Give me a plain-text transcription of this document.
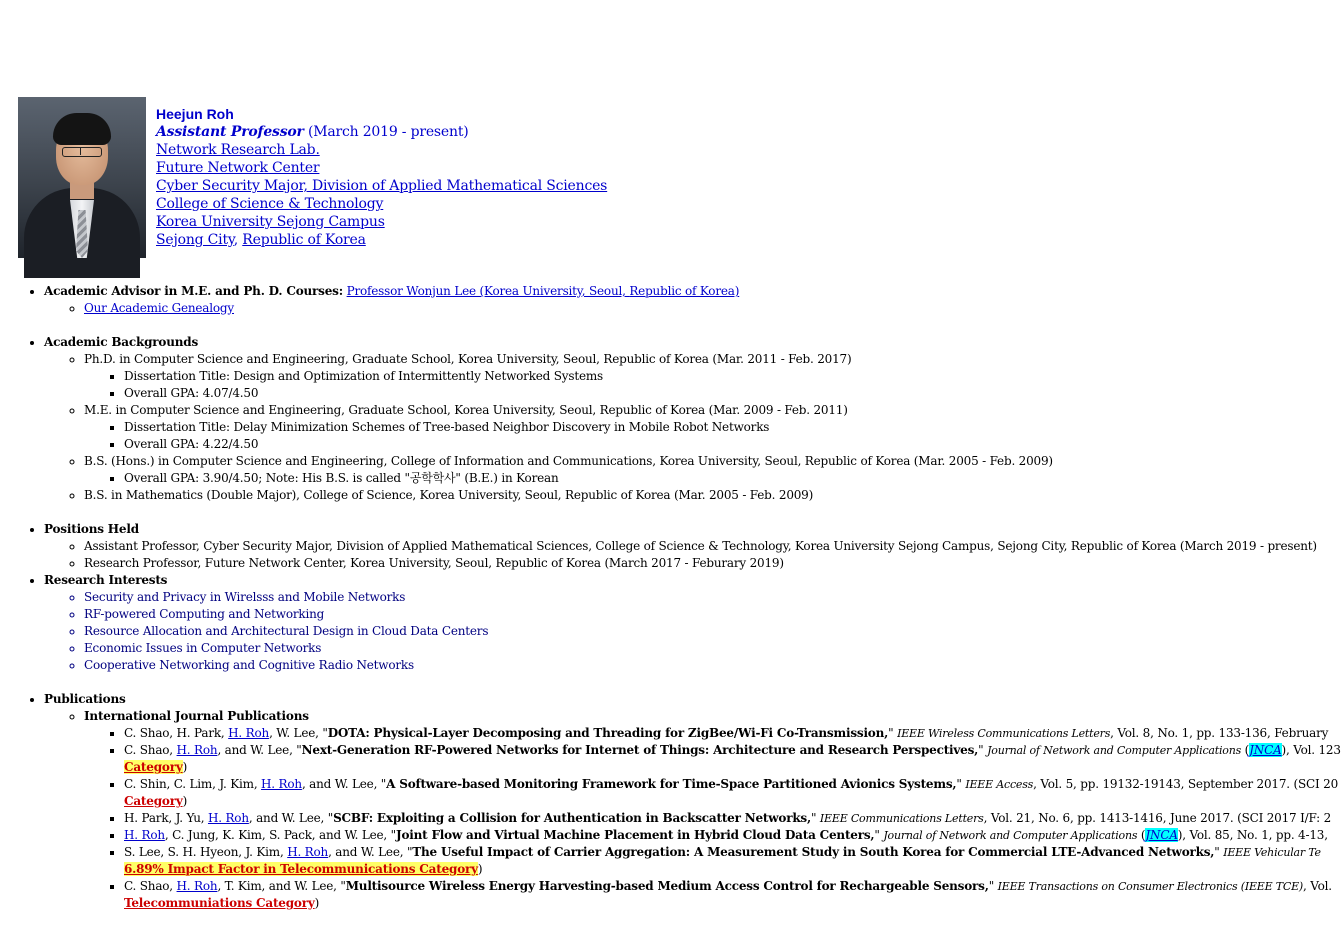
Heejun Roh
Assistant Professor (March 2019 - present)
Network Research Lab.
Future Network Center
Cyber Security Major, Division of Applied Mathematical Sciences
College of Science & Technology
Korea University Sejong Campus
Sejong City, Republic of Korea
• Academic Advisor in M.E. and Ph. D. Courses: Professor Wonjun Lee (Korea University, Seoul, Republic of Korea)
◦ Our Academic Genealogy
• Academic Backgrounds
◦ Ph.D. in Computer Science and Engineering, Graduate School, Korea University, Seoul, Republic of Korea (Mar. 2011 - Feb. 2017)
▪ Dissertation Title: Design and Optimization of Intermittently Networked Systems
▪ Overall GPA: 4.07/4.50
◦ M.E. in Computer Science and Engineering, Graduate School, Korea University, Seoul, Republic of Korea (Mar. 2009 - Feb. 2011)
▪ Dissertation Title: Delay Minimization Schemes of Tree-based Neighbor Discovery in Mobile Robot Networks
▪ Overall GPA: 4.22/4.50
◦ B.S. (Hons.) in Computer Science and Engineering, College of Information and Communications, Korea University, Seoul, Republic of Korea (Mar. 2005 - Feb. 2009)
▪ Overall GPA: 3.90/4.50; Note: His B.S. is called "공학학사" (B.E.) in Korean
◦ B.S. in Mathematics (Double Major), College of Science, Korea University, Seoul, Republic of Korea (Mar. 2005 - Feb. 2009)
• Positions Held
◦ Assistant Professor, Cyber Security Major, Division of Applied Mathematical Sciences, College of Science & Technology, Korea University Sejong Campus, Sejong City, Republic of Korea (March 2019 - present)
◦ Research Professor, Future Network Center, Korea University, Seoul, Republic of Korea (March 2017 - Feburary 2019)
• Research Interests
◦ Security and Privacy in Wirelsss and Mobile Networks
◦ RF-powered Computing and Networking
◦ Resource Allocation and Architectural Design in Cloud Data Centers
◦ Economic Issues in Computer Networks
◦ Cooperative Networking and Cognitive Radio Networks
• Publications
◦ International Journal Publications
▪ C. Shao, H. Park, H. Roh, W. Lee, "DOTA: Physical-Layer Decomposing and Threading for ZigBee/Wi-Fi Co-Transmission," IEEE Wireless Communications Letters, Vol. 8, No. 1, pp. 133-136, February
▪ C. Shao, H. Roh, and W. Lee, "Next-Generation RF-Powered Networks for Internet of Things: Architecture and Research Perspectives," Journal of Network and Computer Applications (JNCA), Vol. 123
Category)
▪ C. Shin, C. Lim, J. Kim, H. Roh, and W. Lee, "A Software-based Monitoring Framework for Time-Space Partitioned Avionics Systems," IEEE Access, Vol. 5, pp. 19132-19143, September 2017. (SCI 20
Category)
▪ H. Park, J. Yu, H. Roh, and W. Lee, "SCBF: Exploiting a Collision for Authentication in Backscatter Networks," IEEE Communications Letters, Vol. 21, No. 6, pp. 1413-1416, June 2017. (SCI 2017 I/F: 2
▪ H. Roh, C. Jung, K. Kim, S. Pack, and W. Lee, "Joint Flow and Virtual Machine Placement in Hybrid Cloud Data Centers," Journal of Network and Computer Applications (JNCA), Vol. 85, No. 1, pp. 4-13,
▪ S. Lee, S. H. Hyeon, J. Kim, H. Roh, and W. Lee, "The Useful Impact of Carrier Aggregation: A Measurement Study in South Korea for Commercial LTE-Advanced Networks," IEEE Vehicular Te
6.89% Impact Factor in Telecommunications Category)
▪ C. Shao, H. Roh, T. Kim, and W. Lee, "Multisource Wireless Energy Harvesting-based Medium Access Control for Rechargeable Sensors," IEEE Transactions on Consumer Electronics (IEEE TCE), Vol.
Telecommuniations Category)
